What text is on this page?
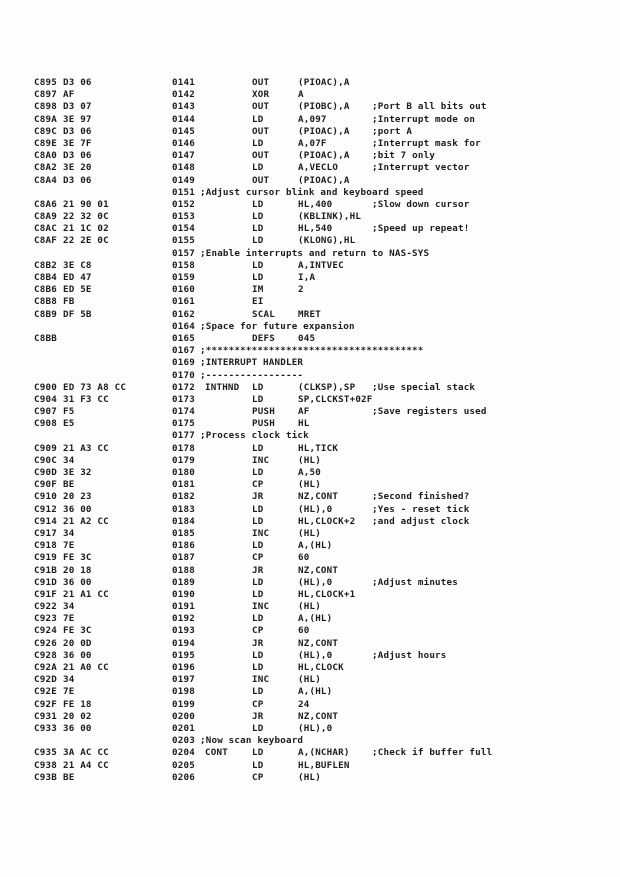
C895 D3 06	0141	OUT	(PIOAC),A
C897 AF	0142	XOR	A
C898 D3 07	0143	OUT	(PIOBC),A ;Port B all bits out
C89A 3E 97	0144	LD	A,097	;Interrupt mode on
C89C D3 06	0145	OUT	(PIOAC),A ;port A
C89E 3E 7F	0146	LD	A,07F	;Interrupt mask for
C8A0 D3 06	0147	OUT	(PIOAC),A ;bit 7 only
C8A2 3E 20	0148	LD	A,VECLO	;Interrupt vector
C8A4 D3 06	0149	OUT	(PIOAC),A
0151 ;Adjust cursor blink and keyboard speed
C8A6 21 90 01	0152	LD	HL,400	;Slow down cursor
C8A9 22 32 0C	0153	LD	(KBLINK),HL
C8AC 21 1C 02	0154	LD	HL,540	;Speed up repeat!
C8AF 22 2E 0C	0155	LD	(KLONG),HL
0157 ;Enable interrupts and return to NAS-SYS
C8B2 3E C8	0158	LD	A,INTVEC
C8B4 ED 47	0159	LD	I,A
C8B6 ED 5E	0160	IM	2
C8B8 FB	0161	EI
C8B9 DF 5B	0162	SCAL	MRET
0164 ;Space for future expansion
C8BB	0165	DEFS	045
0167 ;**************************************
0169 ;INTERRUPT HANDLER
0170 ;-----------------
C900 ED 73 A8 CC	0172 INTHND LD	(CLKSP),SP ;Use special stack
C904 31 F3 CC	0173	LD	SP,CLCKST+02F
C907 F5	0174	PUSH	AF	;Save registers used
C908 E5	0175	PUSH	HL
0177 ;Process clock tick
C909 21 A3 CC	0178	LD	HL,TICK
C90C 34	0179	INC	(HL)
C90D 3E 32	0180	LD	A,50
C90F BE	0181	CP	(HL)
C910 20 23	0182	JR	NZ,CONT	;Second finished?
C912 36 00	0183	LD	(HL),0	;Yes - reset tick
C914 21 A2 CC	0184	LD	HL,CLOCK+2 ;and adjust clock
C917 34	0185	INC	(HL)
C918 7E	0186	LD	A,(HL)
C919 FE 3C	0187	CP	60
C91B 20 18	0188	JR	NZ,CONT
C91D 36 00	0189	LD	(HL),0	;Adjust minutes
C91F 21 A1 CC	0190	LD	HL,CLOCK+1
C922 34	0191	INC	(HL)
C923 7E	0192	LD	A,(HL)
C924 FE 3C	0193	CP	60
C926 20 0D	0194	JR	NZ,CONT
C928 36 00	0195	LD	(HL),0	;Adjust hours
C92A 21 A0 CC	0196	LD	HL,CLOCK
C92D 34	0197	INC	(HL)
C92E 7E	0198	LD	A,(HL)
C92F FE 18	0199	CP	24
C931 20 02	0200	JR	NZ,CONT
C933 36 00	0201	LD	(HL),0
0203 ;Now scan keyboard
C935 3A AC CC	0204 CONT	LD	A,(NCHAR) ;Check if buffer full
C938 21 A4 CC	0205	LD	HL,BUFLEN
C93B BE	0206	CP	(HL)
